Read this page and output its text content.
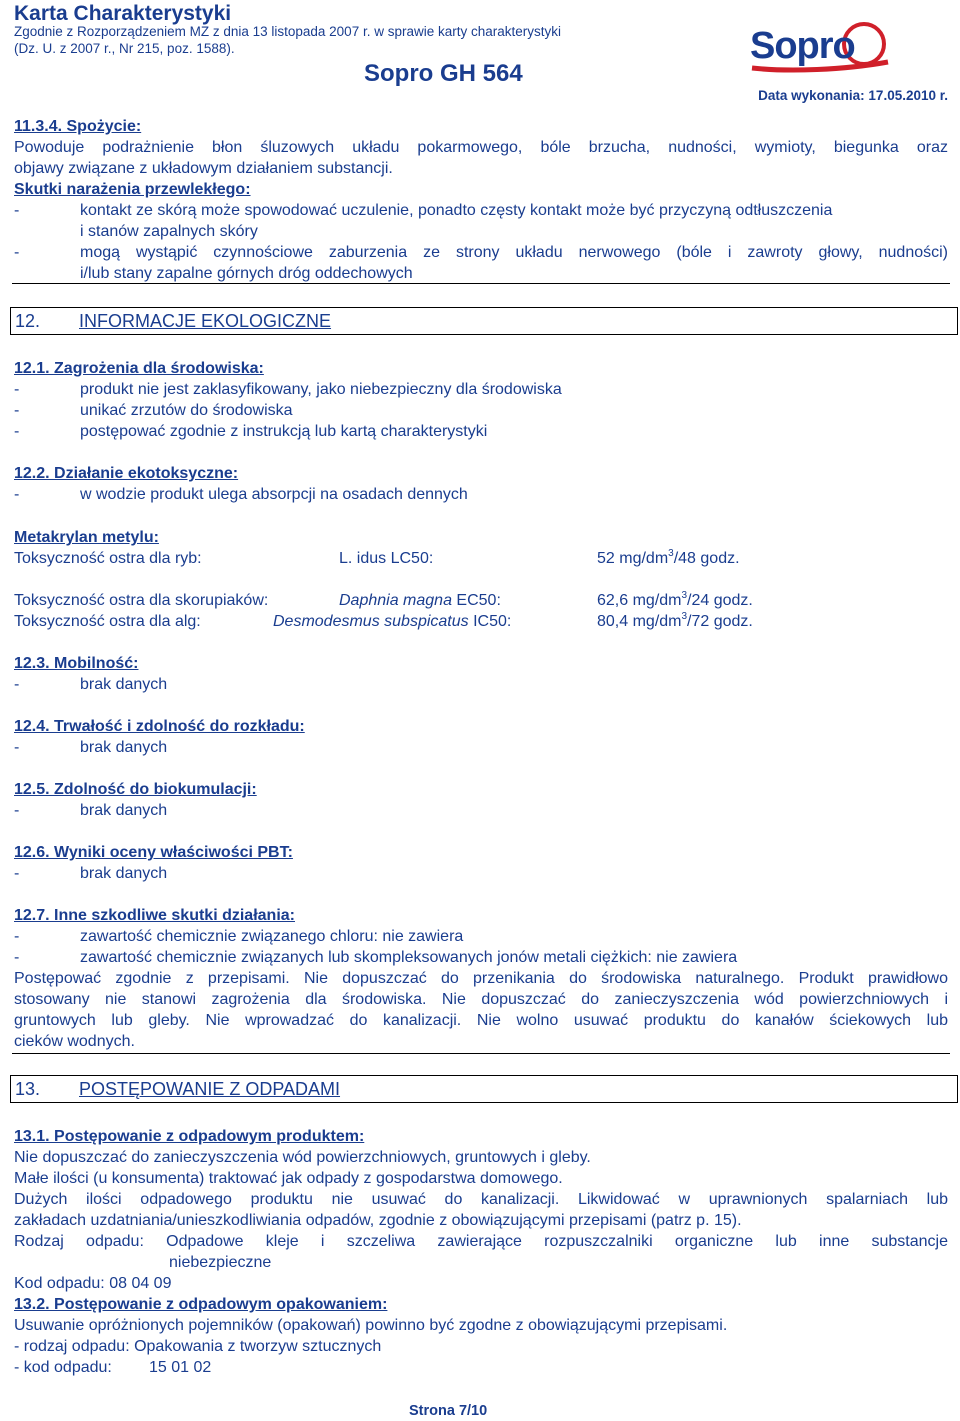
Karta Charakterystyki
Zgodnie z Rozporządzeniem MZ z dnia 13 listopada 2007 r. w sprawie karty charakterystyki
(Dz. U. z 2007 r., Nr 215, poz. 1588).
Sopro GH 564
Data wykonania: 17.05.2010 r.
Sopro
11.3.4. Spożycie:
Powoduje podrażnienie błon śluzowych układu pokarmowego, bóle brzucha, nudności, wymioty, biegunka oraz
objawy związane z układowym działaniem substancji.
Skutki narażenia przewlekłego:
-	kontakt ze skórą może spowodować uczulenie, ponadto częsty kontakt może być przyczyną odtłuszczenia
i stanów zapalnych skóry
-	mogą wystąpić czynnościowe zaburzenia ze strony układu nerwowego (bóle i zawroty głowy, nudności)
i/lub stany zapalne górnych dróg oddechowych
12. INFORMACJE EKOLOGICZNE
12.1. Zagrożenia dla środowiska:
-	produkt nie jest zaklasyfikowany, jako niebezpieczny dla środowiska
-	unikać zrzutów do środowiska
-	postępować zgodnie z instrukcją lub kartą charakterystyki
12.2. Działanie ekotoksyczne:
-	w wodzie produkt ulega absorpcji na osadach dennych
Metakrylan metylu:
Toksyczność ostra dla ryb:	L. idus LC50:	52 $mg/dm^3/48$ godz.
Toksyczność ostra dla skorupiaków:	Daphnia magna EC50:	62,6 $mg/dm^3/24$ godz.
Toksyczność ostra dla alg:	Desmodesmus subspicatus IC50:	80,4 $mg/dm^3/72$ godz.
12.3. Mobilność:
-	brak danych
12.4. Trwałość i zdolność do rozkładu:
-	brak danych
12.5. Zdolność do biokumulacji:
-	brak danych
12.6. Wyniki oceny właściwości PBT:
-	brak danych
12.7. Inne szkodliwe skutki działania:
-	zawartość chemicznie związanego chloru: nie zawiera
-	zawartość chemicznie związanych lub skompleksowanych jonów metali ciężkich: nie zawiera
Postępować zgodnie z przepisami. Nie dopuszczać do przenikania do środowiska naturalnego. Produkt prawidłowo
stosowany nie stanowi zagrożenia dla środowiska. Nie dopuszczać do zanieczyszczenia wód powierzchniowych i
gruntowych lub gleby. Nie wprowadzać do kanalizacji. Nie wolno usuwać produktu do kanałów ściekowych lub
cieków wodnych.
13. POSTĘPOWANIE Z ODPADAMI
13.1. Postępowanie z odpadowym produktem:
Nie dopuszczać do zanieczyszczenia wód powierzchniowych, gruntowych i gleby.
Małe ilości (u konsumenta) traktować jak odpady z gospodarstwa domowego.
Dużych ilości odpadowego produktu nie usuwać do kanalizacji. Likwidować w uprawnionych spalarniach lub
zakładach uzdatniania/unieszkodliwiania odpadów, zgodnie z obowiązującymi przepisami (patrz p. 15).
Rodzaj odpadu: Odpadowe kleje i szczeliwa zawierające rozpuszczalniki organiczne lub inne substancje
niebezpieczne
Kod odpadu: 08 04 09
13.2. Postępowanie z odpadowym opakowaniem:
Usuwanie opróżnionych pojemników (opakowań) powinno być zgodne z obowiązującymi przepisami.
- rodzaj odpadu: Opakowania z tworzyw sztucznych
- kod odpadu: 15 01 02
Strona 7/10
